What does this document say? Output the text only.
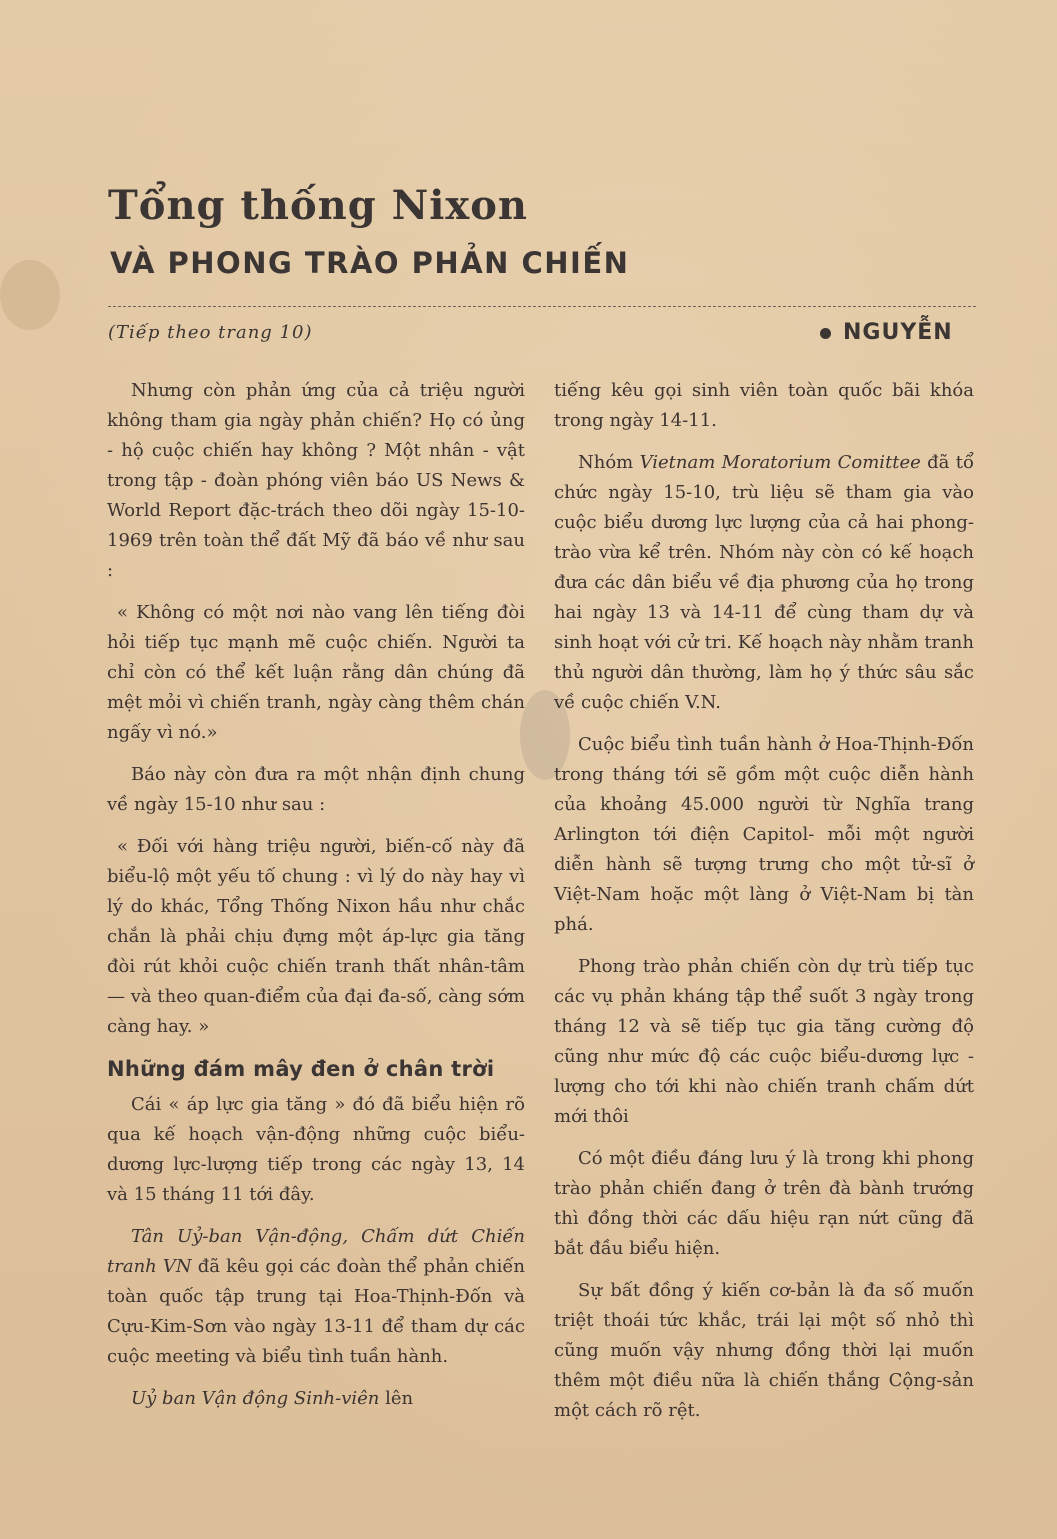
Tổng thống Nixon
VÀ PHONG TRÀO PHẢN CHIẾN
(Tiếp theo trang 10)	NGUYỄN

Nhưng còn phản ứng của cả triệu người không tham gia ngày phản chiến? Họ có ủng - hộ cuộc chiến hay không ? Một nhân - vật trong tập - đoàn phóng viên báo US News & World Report đặc-trách theo dõi ngày 15-10-1969 trên toàn thể đất Mỹ đã báo về như sau :

« Không có một nơi nào vang lên tiếng đòi hỏi tiếp tục mạnh mẽ cuộc chiến. Người ta chỉ còn có thể kết luận rằng dân chúng đã mệt mỏi vì chiến tranh, ngày càng thêm chán ngấy vì nó.»

Báo này còn đưa ra một nhận định chung về ngày 15-10 như sau :

« Đối với hàng triệu người, biến-cố này đã biểu-lộ một yếu tố chung : vì lý do này hay vì lý do khác, Tổng Thống Nixon hầu như chắc chắn là phải chịu đựng một áp-lực gia tăng đòi rút khỏi cuộc chiến tranh thất nhân-tâm — và theo quan-điểm của đại đa-số, càng sớm càng hay. »

Những đám mây đen ở chân trời

Cái « áp lực gia tăng » đó đã biểu hiện rõ qua kế hoạch vận-động những cuộc biểu-dương lực-lượng tiếp trong các ngày 13, 14 và 15 tháng 11 tới đây.

Tân Uỷ-ban Vận-động, Chấm dứt Chiến tranh VN đã kêu gọi các đoàn thể phản chiến toàn quốc tập trung tại Hoa-Thịnh-Đốn và Cựu-Kim-Sơn vào ngày 13-11 để tham dự các cuộc meeting và biểu tình tuần hành.

Uỷ ban Vận động Sinh-viên lên

tiếng kêu gọi sinh viên toàn quốc bãi khóa trong ngày 14-11.

Nhóm Vietnam Moratorium Comittee đã tổ chức ngày 15-10, trù liệu sẽ tham gia vào cuộc biểu dương lực lượng của cả hai phong-trào vừa kể trên. Nhóm này còn có kế hoạch đưa các dân biểu về địa phương của họ trong hai ngày 13 và 14-11 để cùng tham dự và sinh hoạt với cử tri. Kế hoạch này nhằm tranh thủ người dân thường, làm họ ý thức sâu sắc về cuộc chiến V.N.

Cuộc biểu tình tuần hành ở Hoa-Thịnh-Đốn trong tháng tới sẽ gồm một cuộc diễn hành của khoảng 45.000 người từ Nghĩa trang Arlington tới điện Capitol- mỗi một người diễn hành sẽ tượng trưng cho một tử-sĩ ở Việt-Nam hoặc một làng ở Việt-Nam bị tàn phá.

Phong trào phản chiến còn dự trù tiếp tục các vụ phản kháng tập thể suốt 3 ngày trong tháng 12 và sẽ tiếp tục gia tăng cường độ cũng như mức độ các cuộc biểu-dương lực - lượng cho tới khi nào chiến tranh chấm dứt mới thôi

Có một điều đáng lưu ý là trong khi phong trào phản chiến đang ở trên đà bành trướng thì đồng thời các dấu hiệu rạn nứt cũng đã bắt đầu biểu hiện.

Sự bất đồng ý kiến cơ-bản là đa số muốn triệt thoái tức khắc, trái lại một số nhỏ thì cũng muốn vậy nhưng đồng thời lại muốn thêm một điều nữa là chiến thắng Cộng-sản một cách rõ rệt.
